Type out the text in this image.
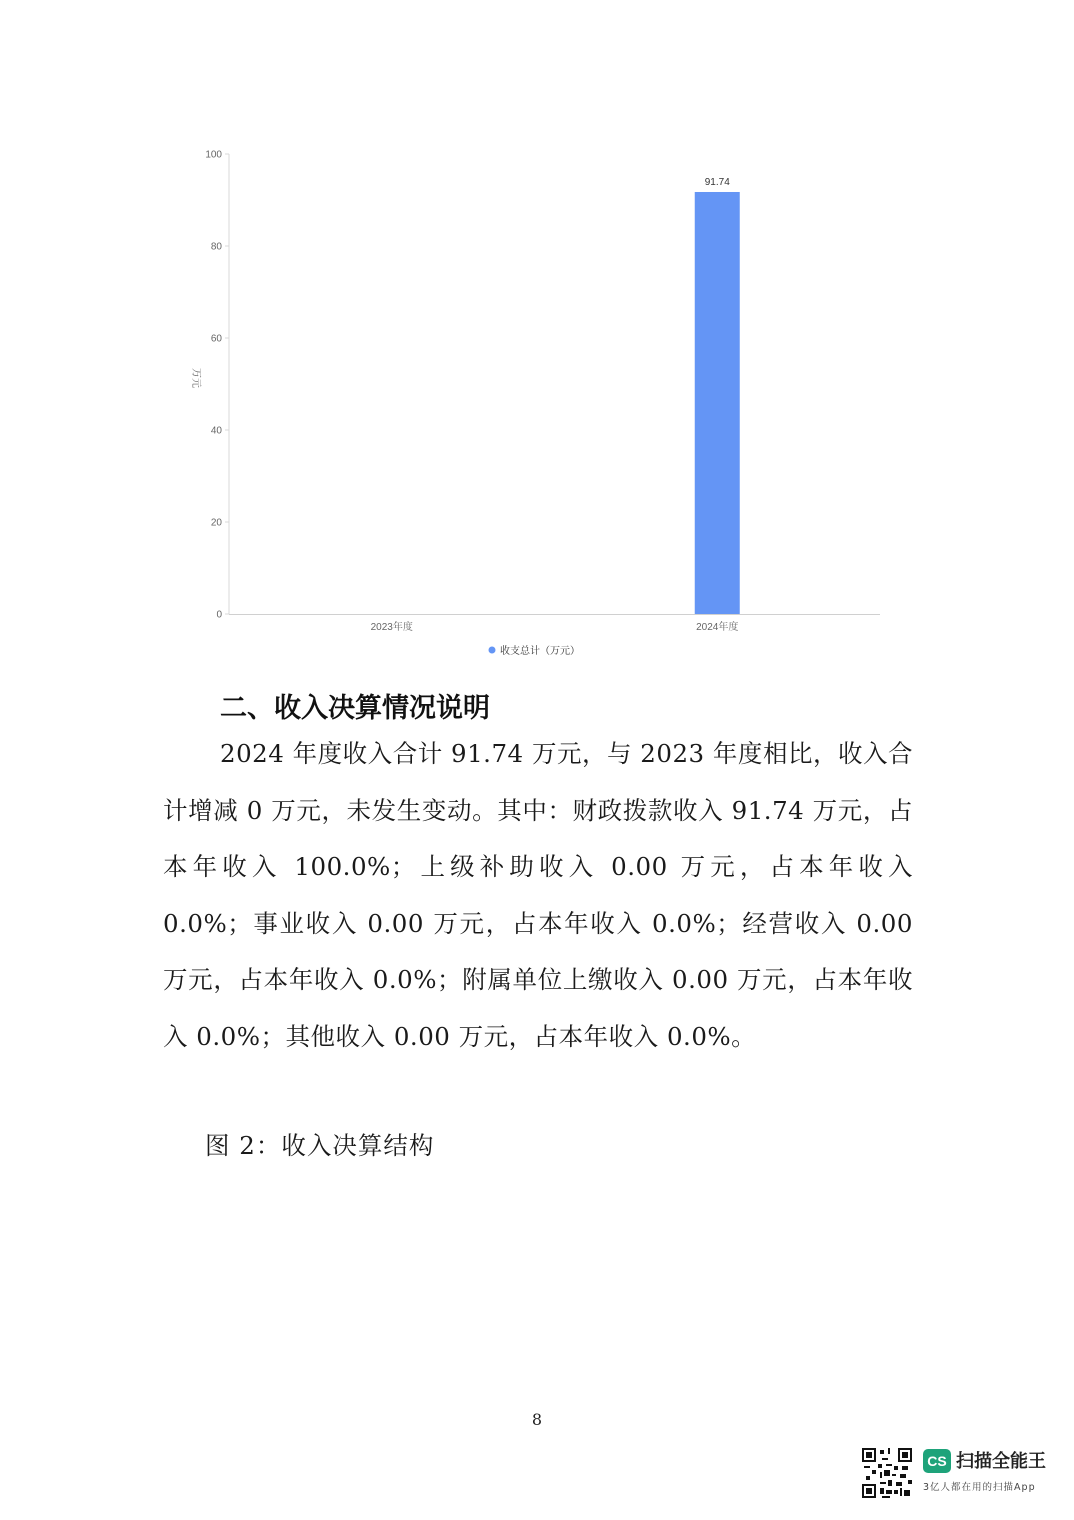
0
20
40
60
80
100
91.74
2023年度	2024年度
万元
收支总计（万元）
二、收入决算情况说明

2024 年度收入合计 91.74 万元，与 2023 年度相比，收入合计增减 0 万元，未发生变动。其中：财政拨款收入 91.74 万元，占本年收入 100.0%；上级补助收入 0.00 万元，占本年收入 0.0%；事业收入 0.00 万元，占本年收入 0.0%；经营收入 0.00 万元，占本年收入 0.0%；附属单位上缴收入 0.00 万元，占本年收入 0.0%；其他收入 0.00 万元，占本年收入 0.0%。

图 2：收入决算结构

8
CS 扫描全能王
3亿人都在用的扫描App
